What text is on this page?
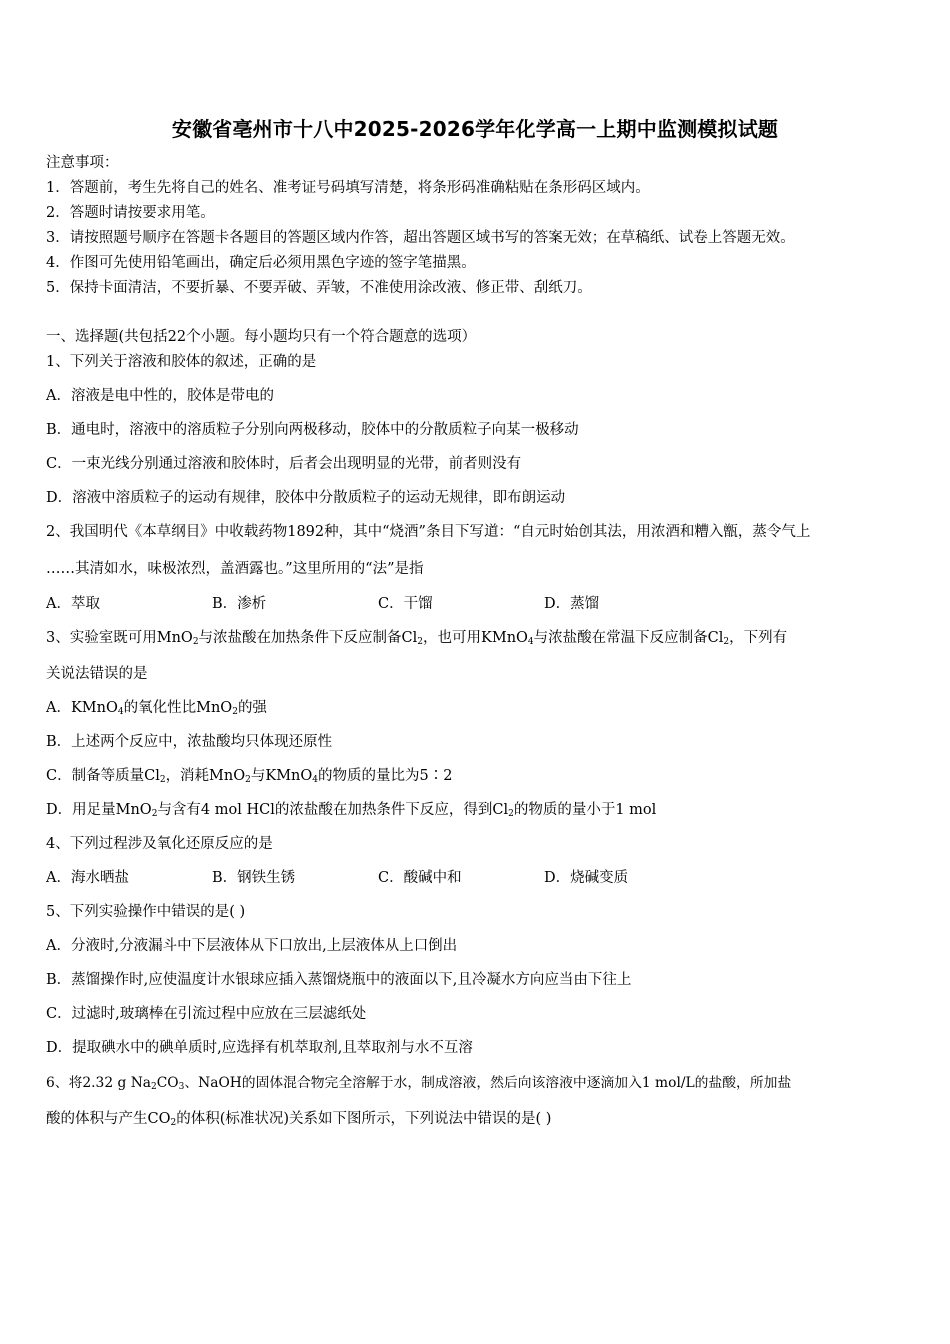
安徽省亳州市十八中2025-2026学年化学高一上期中监测模拟试题
注意事项：
1．答题前，考生先将自己的姓名、准考证号码填写清楚，将条形码准确粘贴在条形码区域内。
2．答题时请按要求用笔。
3．请按照题号顺序在答题卡各题目的答题区域内作答，超出答题区域书写的答案无效；在草稿纸、试卷上答题无效。
4．作图可先使用铅笔画出，确定后必须用黑色字迹的签字笔描黑。
5．保持卡面清洁，不要折暴、不要弄破、弄皱，不准使用涂改液、修正带、刮纸刀。
一、选择题(共包括22个小题。每小题均只有一个符合题意的选项）
1、下列关于溶液和胶体的叙述，正确的是
A．溶液是电中性的，胶体是带电的
B．通电时，溶液中的溶质粒子分别向两极移动，胶体中的分散质粒子向某一极移动
C．一束光线分别通过溶液和胶体时，后者会出现明显的光带，前者则没有
D．溶液中溶质粒子的运动有规律，胶体中分散质粒子的运动无规律，即布朗运动
2、我国明代《本草纲目》中收载药物1892种，其中“烧酒”条目下写道：“自元时始创其法，用浓酒和糟入甑，蒸令气上
……其清如水，味极浓烈，盖酒露也。”这里所用的“法”是指
A．萃取	B．渗析	C．干馏	D．蒸馏
3、实验室既可用MnO$_2$与浓盐酸在加热条件下反应制备$Cl_2$，也可用KMnO$_4$与浓盐酸在常温下反应制备$Cl_2$，下列有
关说法错误的是
A．KMnO$_4$的氧化性比MnO$_2$的强
B．上述两个反应中，浓盐酸均只体现还原性
C．制备等质量$Cl_2$，消耗MnO$_2$与KMnO$_4$的物质的量比为5∶2
D．用足量MnO$_2$与含有4 mol HCl的浓盐酸在加热条件下反应，得到$Cl_2$的物质的量小于1 mol
4、下列过程涉及氧化还原反应的是
A．海水晒盐	B．钢铁生锈	C．酸碱中和	D．烧碱变质
5、下列实验操作中错误的是( )
A．分液时,分液漏斗中下层液体从下口放出,上层液体从上口倒出
B．蒸馏操作时,应使温度计水银球应插入蒸馏烧瓶中的液面以下,且冷凝水方向应当由下往上
C．过滤时,玻璃棒在引流过程中应放在三层滤纸处
D．提取碘水中的碘单质时,应选择有机萃取剂,且萃取剂与水不互溶
6、将2.32 g $Na_2CO_3$、NaOH的固体混合物完全溶解于水，制成溶液，然后向该溶液中逐滴加入1 mol/L的盐酸，所加盐
酸的体积与产生$CO_2$的体积(标准状况)关系如下图所示，下列说法中错误的是( )
